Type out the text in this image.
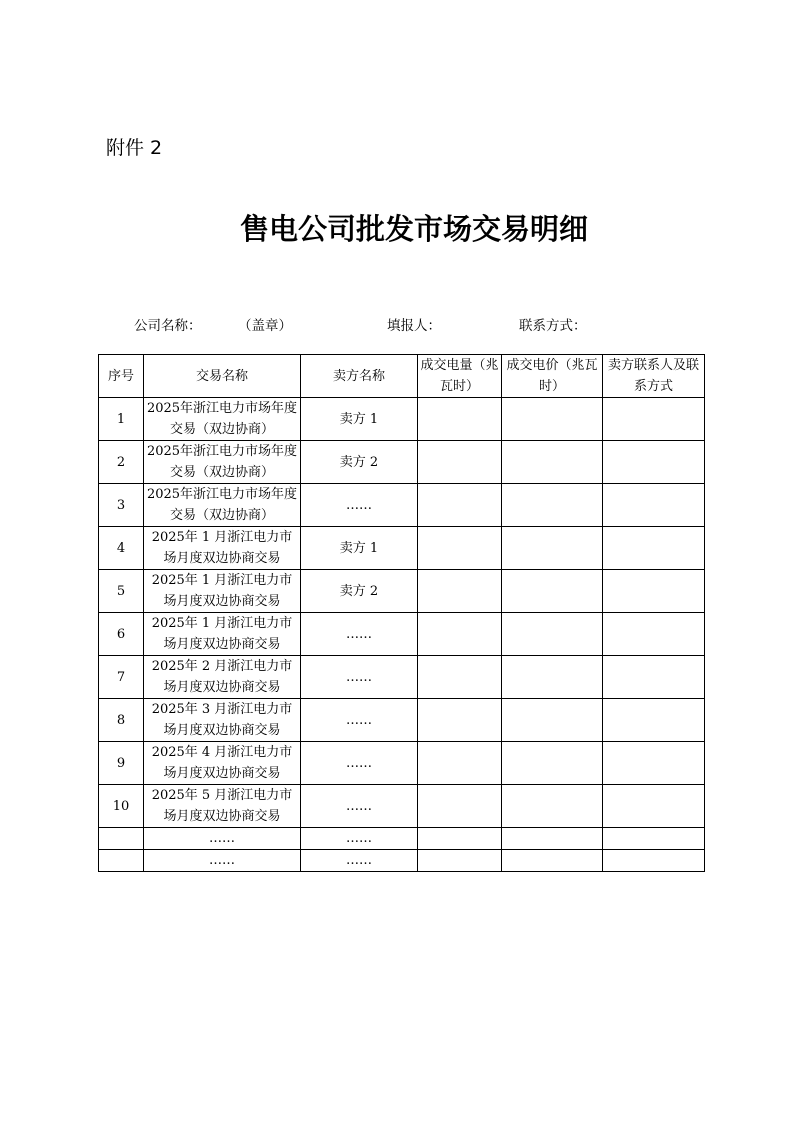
附件 2
售电公司批发市场交易明细
公司名称：	（盖章）	填报人：	联系方式：
序号	交易名称	卖方名称	成交电量（兆瓦时）	成交电价（兆瓦时）	卖方联系人及联系方式
1	2025年浙江电力市场年度交易（双边协商）	卖方 1			
2	2025年浙江电力市场年度交易（双边协商）	卖方 2			
3	2025年浙江电力市场年度交易（双边协商）	……			
4	2025年 1 月浙江电力市场月度双边协商交易	卖方 1			
5	2025年 1 月浙江电力市场月度双边协商交易	卖方 2			
6	2025年 1 月浙江电力市场月度双边协商交易	……			
7	2025年 2 月浙江电力市场月度双边协商交易	……			
8	2025年 3 月浙江电力市场月度双边协商交易	……			
9	2025年 4 月浙江电力市场月度双边协商交易	……			
10	2025年 5 月浙江电力市场月度双边协商交易	……			
	……	……			
	……	……			
